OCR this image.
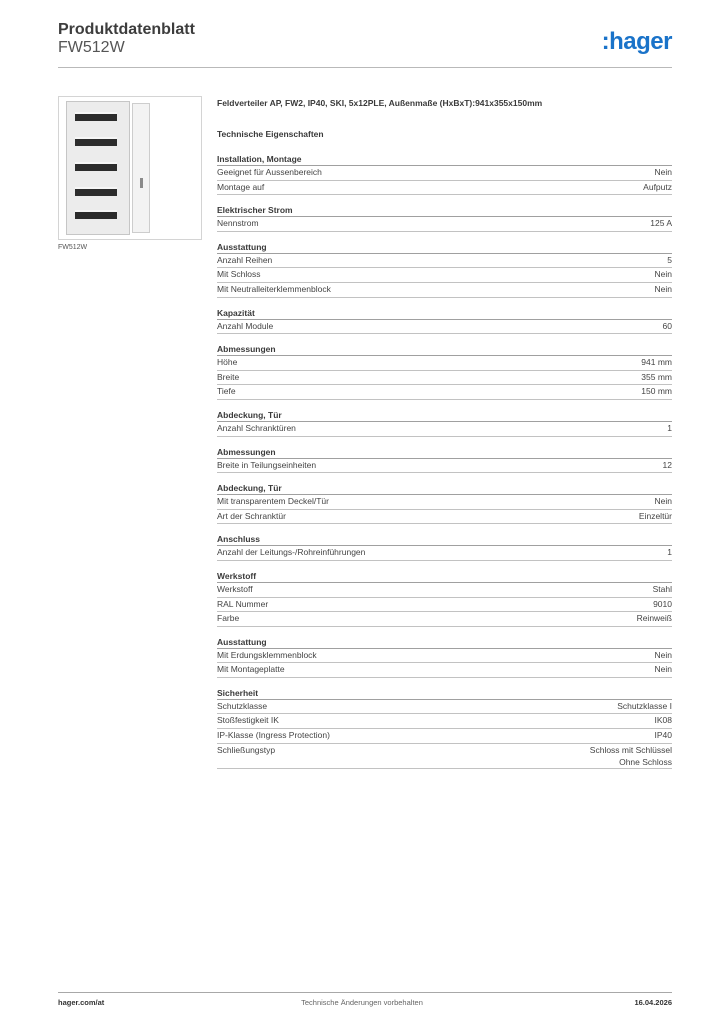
Produktdatenblatt
FW512W	:hager
FW512W
Feldverteiler AP, FW2, IP40, SKI, 5x12PLE, Außenmaße (HxBxT):941x355x150mm
Technische Eigenschaften
Installation, Montage
Geeignet für Aussenbereich	Nein
Montage auf	Aufputz
Elektrischer Strom
Nennstrom	125 A
Ausstattung
Anzahl Reihen	5
Mit Schloss	Nein
Mit Neutralleiterklemmenblock	Nein
Kapazität
Anzahl Module	60
Abmessungen
Höhe	941 mm
Breite	355 mm
Tiefe	150 mm
Abdeckung, Tür
Anzahl Schranktüren	1
Abmessungen
Breite in Teilungseinheiten	12
Abdeckung, Tür
Mit transparentem Deckel/Tür	Nein
Art der Schranktür	Einzeltür
Anschluss
Anzahl der Leitungs-/Rohreinführungen	1
Werkstoff
Werkstoff	Stahl
RAL Nummer	9010
Farbe	Reinweiß
Ausstattung
Mit Erdungsklemmenblock	Nein
Mit Montageplatte	Nein
Sicherheit
Schutzklasse	Schutzklasse I
Stoßfestigkeit IK	IK08
IP-Klasse (Ingress Protection)	IP40
Schließungstyp	Schloss mit Schlüssel
Ohne Schloss
hager.com/at	Technische Änderungen vorbehalten	16.04.2026
